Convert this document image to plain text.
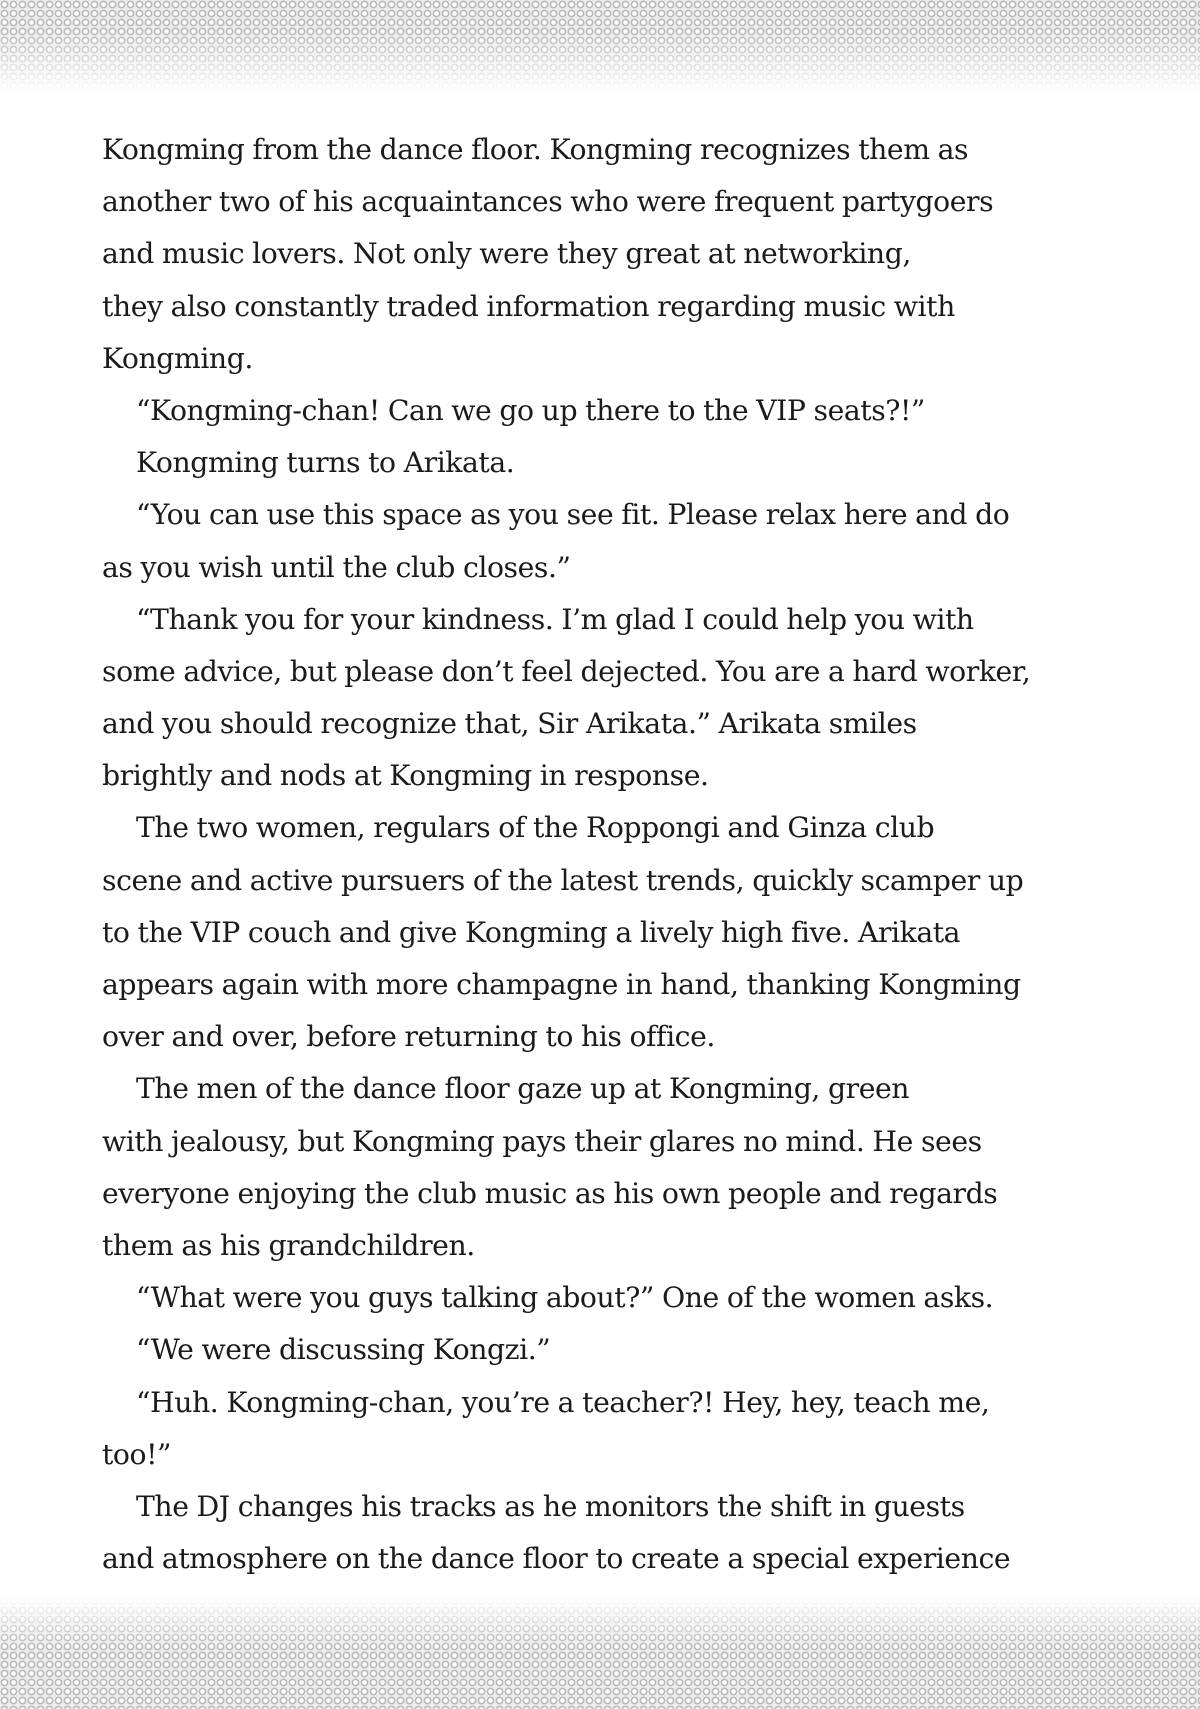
Kongming from the dance floor. Kongming recognizes them as
another two of his acquaintances who were frequent partygoers
and music lovers. Not only were they great at networking,
they also constantly traded information regarding music with
Kongming.
“Kongming-chan! Can we go up there to the VIP seats?!”
Kongming turns to Arikata.
“You can use this space as you see fit. Please relax here and do
as you wish until the club closes.”
“Thank you for your kindness. I’m glad I could help you with
some advice, but please don’t feel dejected. You are a hard worker,
and you should recognize that, Sir Arikata.” Arikata smiles
brightly and nods at Kongming in response.
The two women, regulars of the Roppongi and Ginza club
scene and active pursuers of the latest trends, quickly scamper up
to the VIP couch and give Kongming a lively high five. Arikata
appears again with more champagne in hand, thanking Kongming
over and over, before returning to his office.
The men of the dance floor gaze up at Kongming, green
with jealousy, but Kongming pays their glares no mind. He sees
everyone enjoying the club music as his own people and regards
them as his grandchildren.
“What were you guys talking about?” One of the women asks.
“We were discussing Kongzi.”
“Huh. Kongming-chan, you’re a teacher?! Hey, hey, teach me,
too!”
The DJ changes his tracks as he monitors the shift in guests
and atmosphere on the dance floor to create a special experience
